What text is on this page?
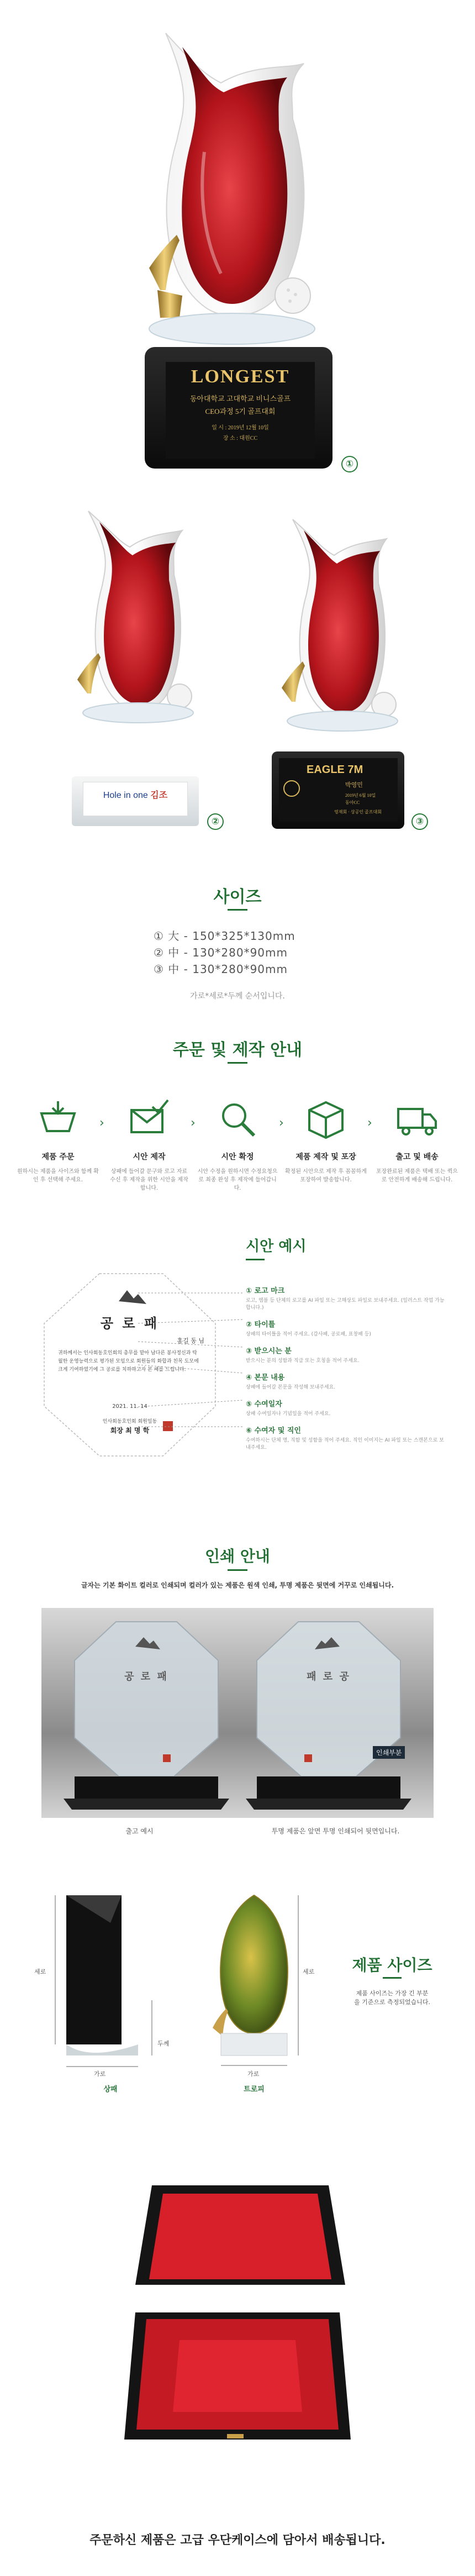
LONGEST
동아대학교 고대학교 비니스골프
CEO과정 5기 골프대회
일 시 : 2019년 12월 10일
장 소 : 대원CC
①
Hole in one 김조
②
EAGLE 7M
박영민
2019년 6월 10일
동아CC
영재회 · 상공인 골프대회
③
사이즈
① 大 - 150*325*130mm
② 中 - 130*280*90mm
③ 中 - 130*280*90mm
가로*세로*두께 순서입니다.
주문 및 제작 안내
제품 주문
원하시는 제품을 사이즈와 함께 확인 후 선택해 주세요.
›
시안 제작
상패에 들어갈 문구와 로고 자료 수신 후 제작을 위한 시안을 제작합니다.
›
시안 확정
시안 수정을 원하시면 수정요청으로 최종 완성 후 제작에 들어갑니다.
›
제품 제작 및 포장
확정된 시안으로 제작 후 꼼꼼하게 포장하여 발송합니다.
›
출고 및 배송
포장완료된 제품은 택배 또는 퀵으로 안전하게 배송해 드립니다.
시안 예시
공 로 패
홍길 동 님
귀하께서는 인사회동호인회의 총무를 맡아 남다른 봉사정신과 탁월한 운영능력으로 평가된 모임으로 회원들의 화합과 친목 도모에 크게 기여하였기에 그 공로를 치하하고자 본 패를 드립니다.
2021. 11. 14
인사회동호인회 회원일동
회장 최 명 학
① 로고 마크
로고, 엠블 등 단체의 로고를 AI 파일 또는 고해상도 파일로 보내주세요. (일러스트 작업 가능합니다.)
② 타이틀
상패의 타이틀을 적어 주세요. (감사패, 공로패, 표창패 등)
③ 받으시는 분
받으시는 분의 성함과 직급 또는 호칭을 적어 주세요.
④ 본문 내용
상패에 들어갈 본문을 작성해 보내주세요.
⑤ 수여일자
상패 수여일자나 기념일을 적어 주세요.
⑥ 수여자 및 직인
수여하시는 단체 명, 직함 및 성함을 적어 주세요. 직인 이미지는 AI 파일 또는 스캔본으로 보내주세요.
인쇄 안내
글자는 기본 화이트 컬러로 인쇄되며 컬러가 있는 제품은 원색 인쇄, 투명 제품은 뒷면에 거꾸로 인쇄됩니다.
공 로 패	패 로 공
인쇄부분
출고 예시	투명 제품은 앞면 투명 인쇄되어 뒷면입니다.
세로
가로
두께
상패
세로
가로
트로피
제품 사이즈
제품 사이즈는 가장 긴 부분을 기준으로 측정되었습니다.
주문하신 제품은 고급 우단케이스에 담아서 배송됩니다.
